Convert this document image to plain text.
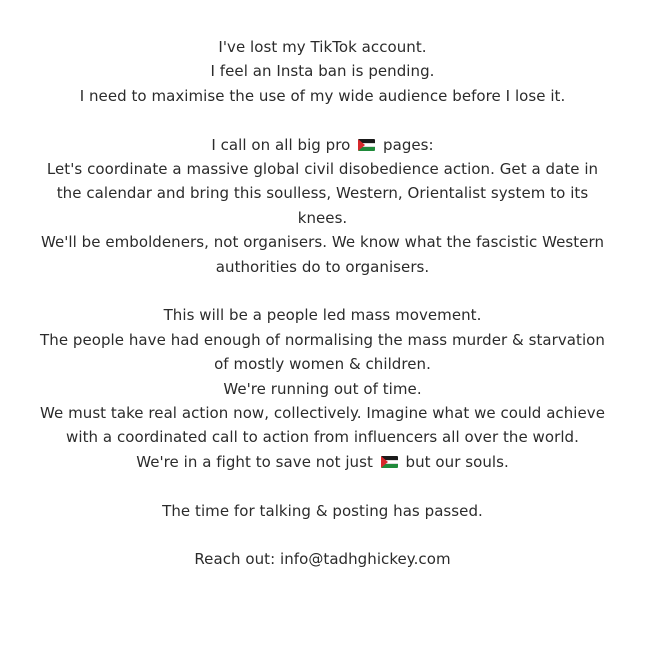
I've lost my TikTok account.
I feel an Insta ban is pending.
I need to maximise the use of my wide audience before I lose it.
I call on all big pro
pages:
Let's coordinate a massive global civil disobedience action. Get a date in
the calendar and bring this soulless, Western, Orientalist system to its
knees.
We'll be emboldeners, not organisers. We know what the fascistic Western
authorities do to organisers.
This will be a people led mass movement.
The people have had enough of normalising the mass murder & starvation
of mostly women & children.
We're running out of time.
We must take real action now, collectively. Imagine what we could achieve
with a coordinated call to action from influencers all over the world.
We're in a fight to save not just
but our souls.
The time for talking & posting has passed.
Reach out: info@tadhghickey.com
